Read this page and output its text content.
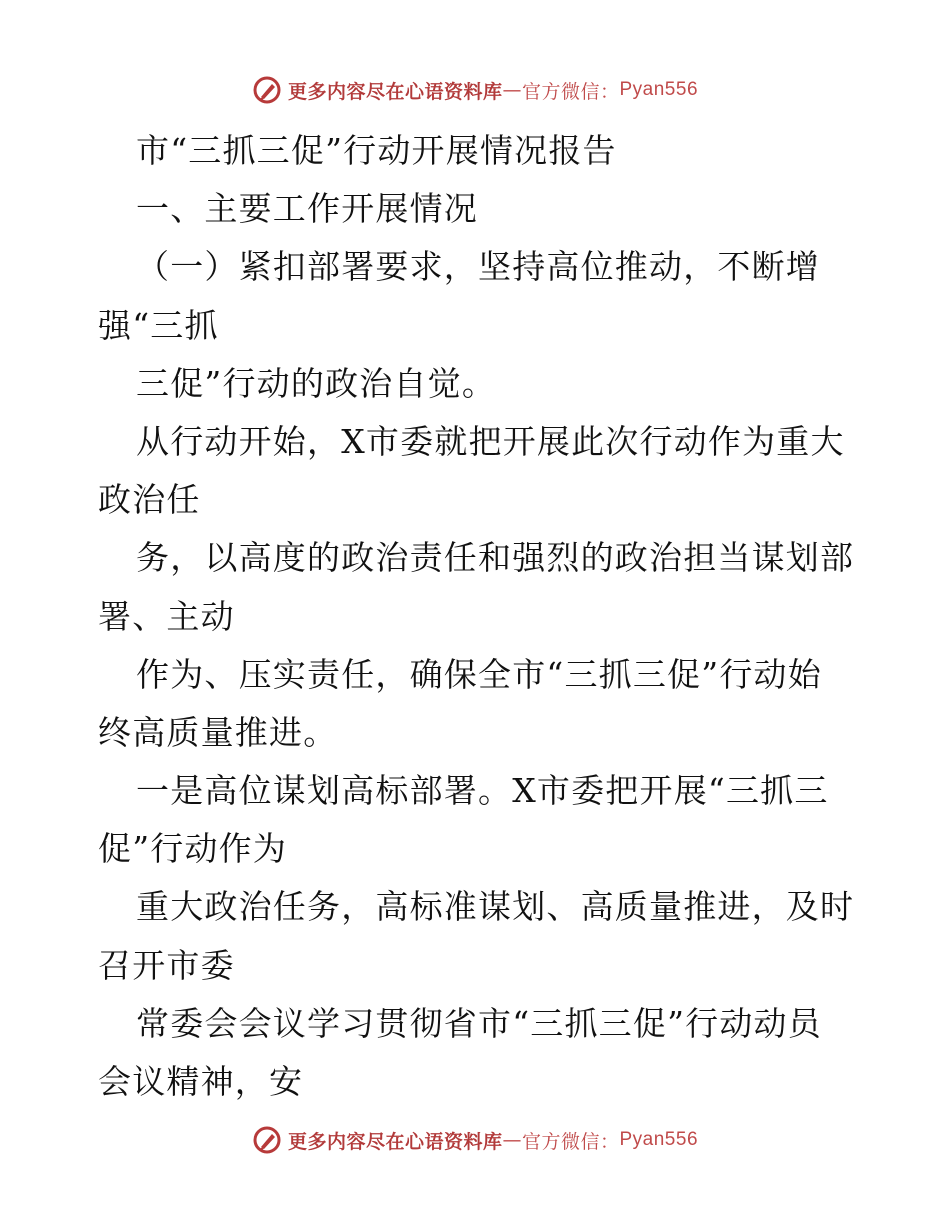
更多内容尽在心语资料库 — 官方微信： Pyan556
市“三抓三促”行动开展情况报告
一、主要工作开展情况
（一）紧扣部署要求，坚持高位推动，不断增
强“三抓
三促”行动的政治自觉。
从行动开始，X市委就把开展此次行动作为重大
政治任
务，以高度的政治责任和强烈的政治担当谋划部
署、主动
作为、压实责任，确保全市“三抓三促”行动始
终高质量推进。
一是高位谋划高标部署。X市委把开展“三抓三
促”行动作为
重大政治任务，高标准谋划、高质量推进，及时
召开市委
常委会会议学习贯彻省市“三抓三促”行动动员
会议精神，安
更多内容尽在心语资料库 — 官方微信： Pyan556
